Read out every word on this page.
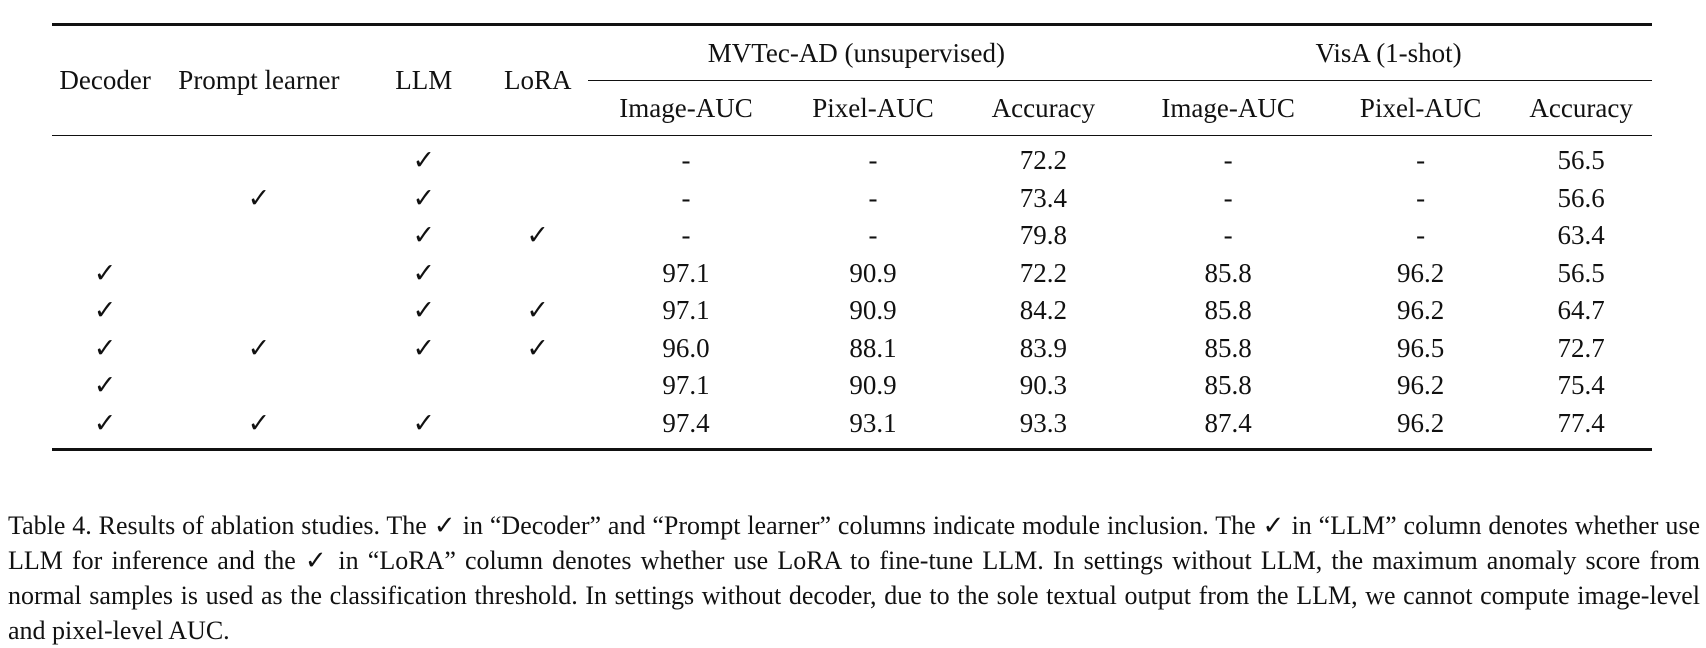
Decoder	Prompt learner	LLM	LoRA	MVTec-AD (unsupervised)			VisA (1-shot)		
				Image-AUC	Pixel-AUC	Accuracy	Image-AUC	Pixel-AUC	Accuracy
		✓		-	-	72.2	-	-	56.5
	✓	✓		-	-	73.4	-	-	56.6
		✓	✓	-	-	79.8	-	-	63.4
✓		✓		97.1	90.9	72.2	85.8	96.2	56.5
✓		✓	✓	97.1	90.9	84.2	85.8	96.2	64.7
✓	✓	✓	✓	96.0	88.1	83.9	85.8	96.5	72.7
✓				97.1	90.9	90.3	85.8	96.2	75.4
✓	✓	✓		97.4	93.1	93.3	87.4	96.2	77.4

Table 4. Results of ablation studies. The ✓ in “Decoder” and “Prompt learner” columns indicate module inclusion. The ✓ in “LLM” column denotes whether use LLM for inference and the ✓ in “LoRA” column denotes whether use LoRA to fine-tune LLM. In settings without LLM, the maximum anomaly score from normal samples is used as the classification threshold. In settings without decoder, due to the sole textual output from the LLM, we cannot compute image-level and pixel-level AUC.
